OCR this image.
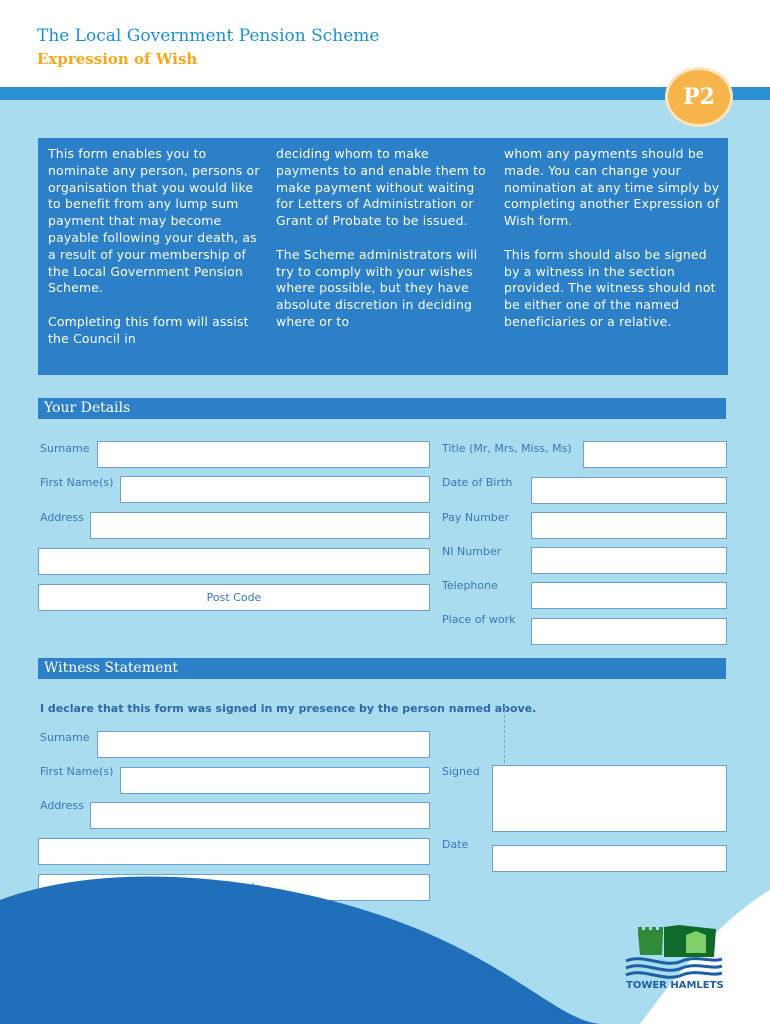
The Local Government Pension Scheme
Expression of Wish
P2

This form enables you to nominate any person, persons or organisation that you would like to benefit from any lump sum payment that may become payable following your death, as a result of your membership of the Local Government Pension Scheme.

Completing this form will assist the Council in

deciding whom to make payments to and enable them to make payment without waiting for Letters of Administration or Grant of Probate to be issued.

The Scheme administrators will try to comply with your wishes where possible, but they have absolute discretion in deciding where or to

whom any payments should be made. You can change your nomination at any time simply by completing another Expression of Wish form.

This form should also be signed by a witness in the section provided. The witness should not be either one of the named beneficiaries or a relative.

Your Details
Surname
First Name(s)
Address
Post Code
Title (Mr, Mrs, Miss, Ms)
Date of Birth
Pay Number
NI Number
Telephone
Place of work
Witness Statement
I declare that this form was signed in my presence by the person named above.
Surname
First Name(s)
Address
Signed
Date
TOWER HAMLETS
